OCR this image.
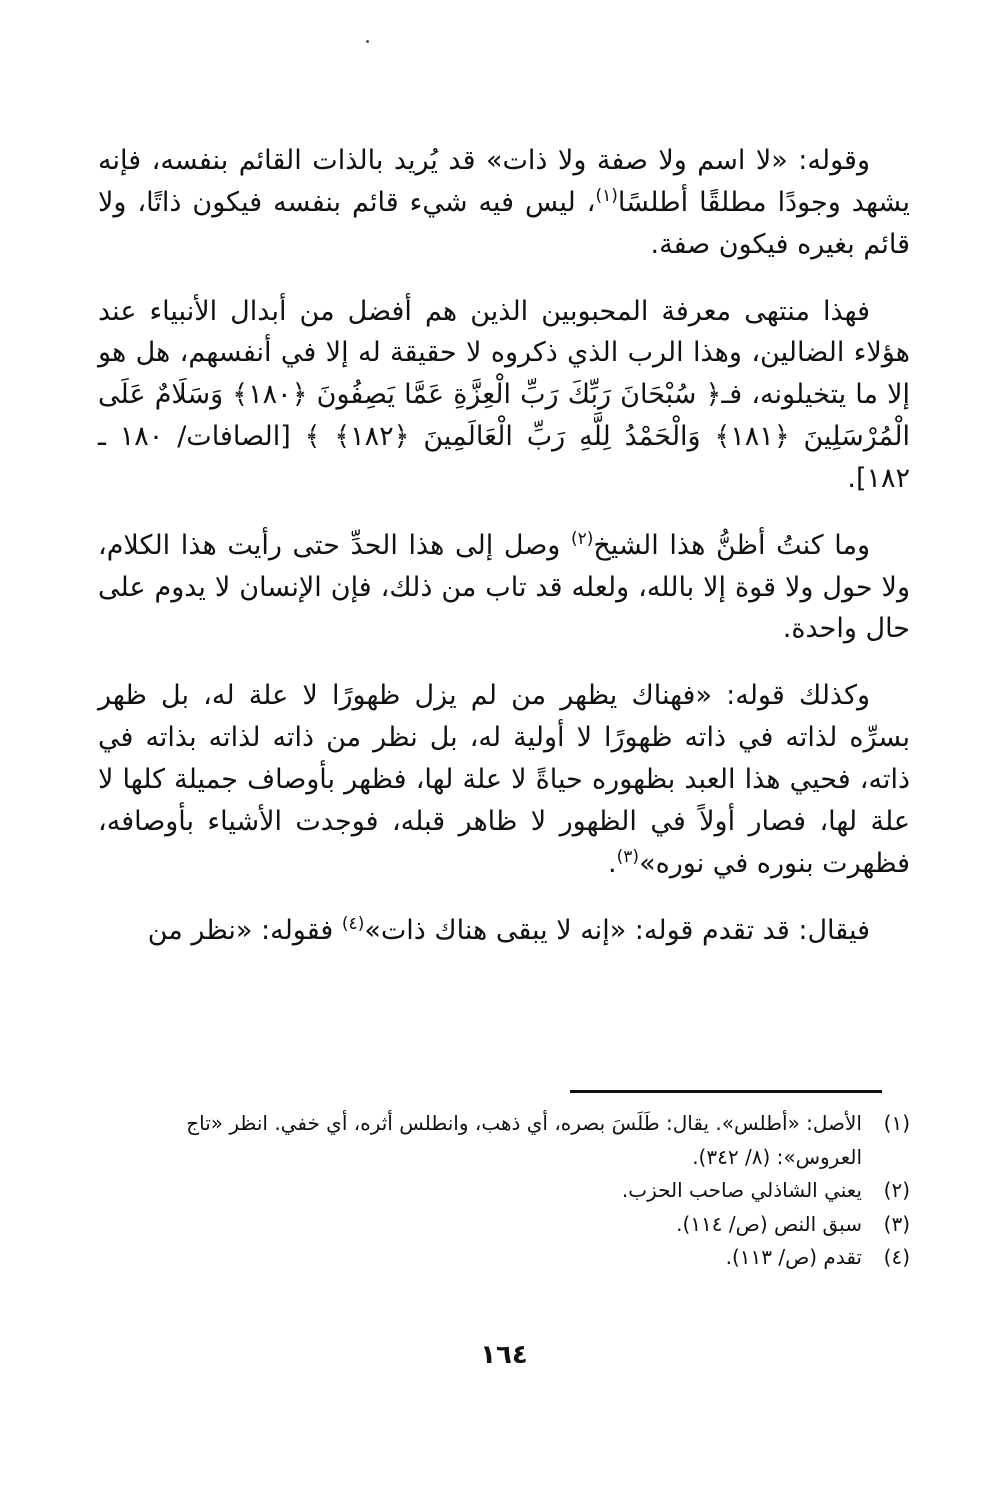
وقوله: «لا اسم ولا صفة ولا ذات» قد يُريد بالذات القائم بنفسه، فإنه يشهد وجودًا مطلقًا أطلسًا$^{(١)}$، ليس فيه شيء قائم بنفسه فيكون ذاتًا، ولا قائم بغيره فيكون صفة.

فهذا منتهى معرفة المحبوبين الذين هم أفضل من أبدال الأنبياء عند هؤلاء الضالين، وهذا الرب الذي ذكروه لا حقيقة له إلا في أنفسهم، هل هو إلا ما يتخيلونه، فـ﴿ سُبْحَانَ رَبِّكَ رَبِّ الْعِزَّةِ عَمَّا يَصِفُونَ ﴿١٨٠﴾ وَسَلَامٌ عَلَى الْمُرْسَلِينَ ﴿١٨١﴾ وَالْحَمْدُ لِلَّهِ رَبِّ الْعَالَمِينَ ﴿١٨٢﴾ ﴾ [الصافات/ ١٨٠ ـ ١٨٢].

وما كنتُ أظنُّ هذا الشيخ$^{(٢)}$ وصل إلى هذا الحدِّ حتى رأيت هذا الكلام، ولا حول ولا قوة إلا بالله، ولعله قد تاب من ذلك، فإن الإنسان لا يدوم على حال واحدة.

وكذلك قوله: «فهناك يظهر من لم يزل ظهورًا لا علة له، بل ظهر بسرِّه لذاته في ذاته ظهورًا لا أولية له، بل نظر من ذاته لذاته بذاته في ذاته، فحيي هذا العبد بظهوره حياةً لا علة لها، فظهر بأوصاف جميلة كلها لا علة لها، فصار أولاً في الظهور لا ظاهر قبله، فوجدت الأشياء بأوصافه، فظهرت بنوره في نوره»$^{(٣)}$.

فيقال: قد تقدم قوله: «إنه لا يبقى هناك ذات»$^{(٤)}$ فقوله: «نظر من

(١)
الأصل: «أطلس». يقال: طَلَسَ بصره، أي ذهب، وانطلس أثره، أي خفي. انظر «تاج العروس»: (٨/ ٣٤٢).
(٢)
يعني الشاذلي صاحب الحزب.
(٣)
سبق النص (ص/ ١١٤).
(٤)
تقدم (ص/ ١١٣).
١٦٤
